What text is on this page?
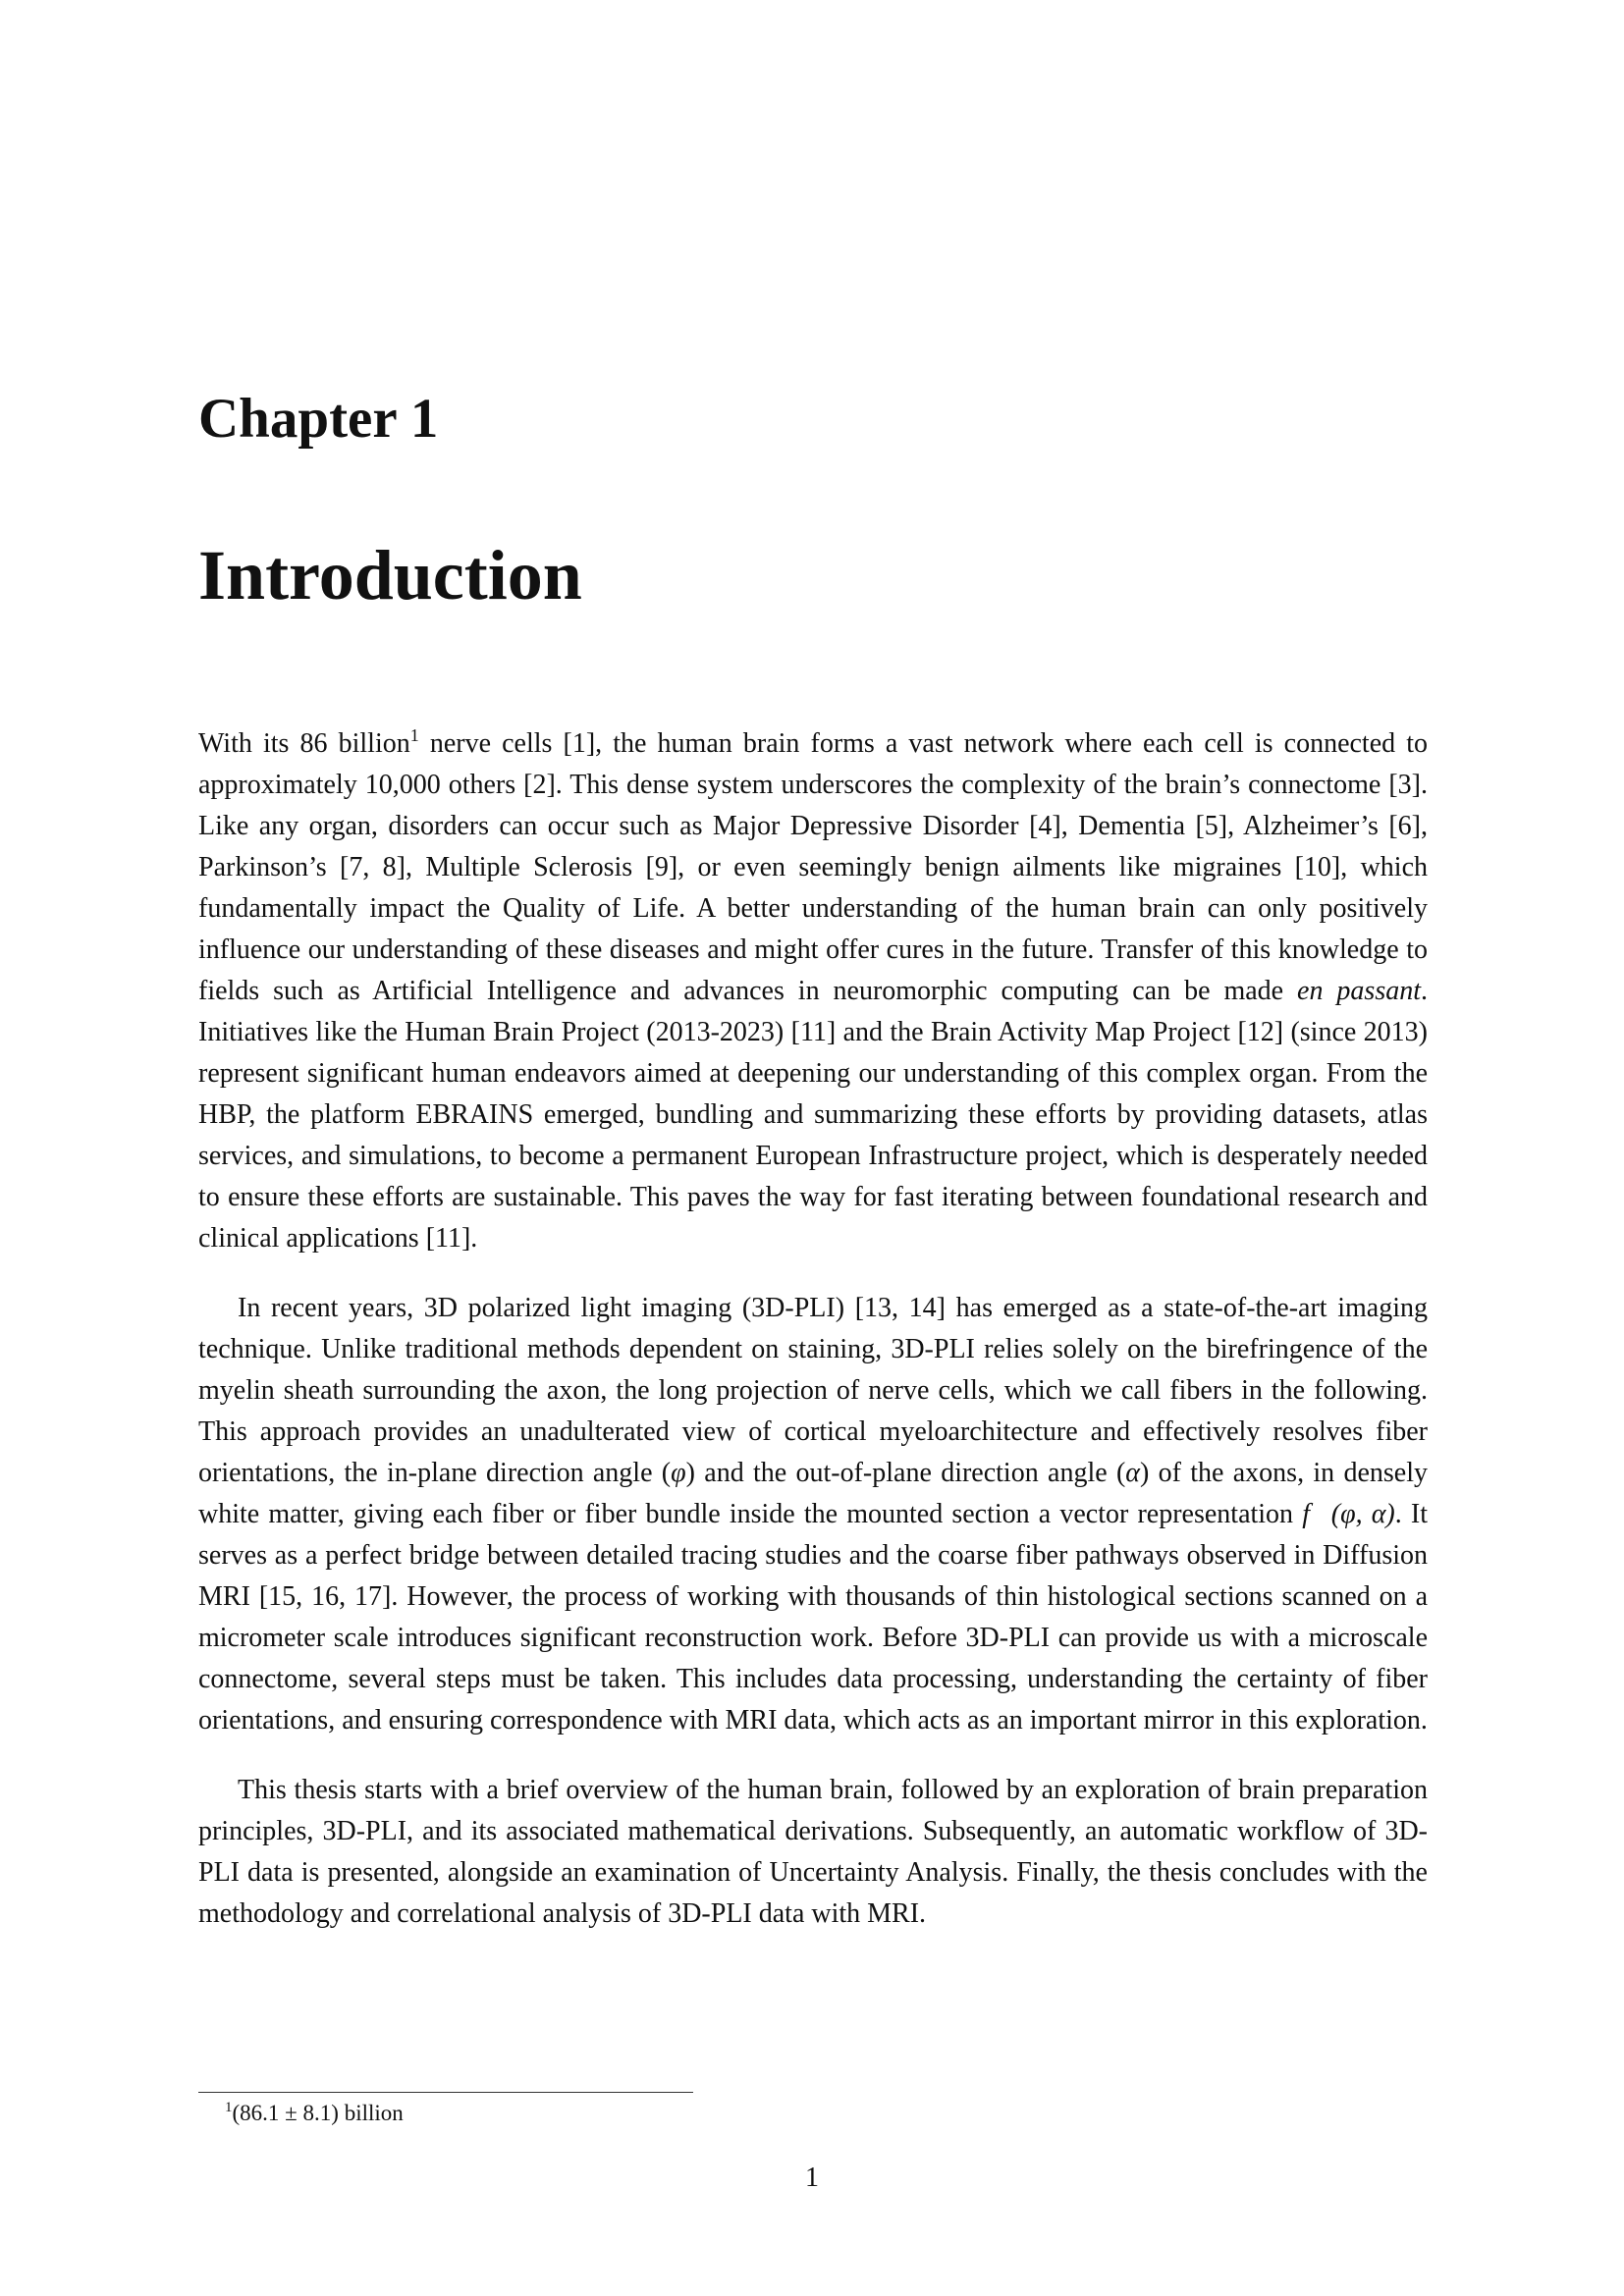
Chapter 1
Introduction

With its 86 billion$^1$ nerve cells [1], the human brain forms a vast network where each cell is connected to approximately 10,000 others [2]. This dense system underscores the complexity of the brain’s connectome [3]. Like any organ, disorders can occur such as Major Depressive Disorder [4], Dementia [5], Alzheimer’s [6], Parkinson’s [7, 8], Multiple Sclerosis [9], or even seemingly benign ailments like migraines [10], which fundamentally impact the Quality of Life. A better understanding of the human brain can only positively influence our understanding of these diseases and might offer cures in the future. Transfer of this knowledge to fields such as Artificial Intelligence and advances in neuromorphic computing can be made en passant. Initiatives like the Human Brain Project (2013-2023) [11] and the Brain Activity Map Project [12] (since 2013) represent significant human endeavors aimed at deepening our understanding of this complex organ. From the HBP, the platform EBRAINS emerged, bundling and summarizing these efforts by providing datasets, atlas services, and simulations, to become a permanent European Infrastructure project, which is desperately needed to ensure these efforts are sustainable. This paves the way for fast iterating between foundational research and clinical applications [11].

In recent years, 3D polarized light imaging (3D-PLI) [13, 14] has emerged as a state-of-the-art imaging technique. Unlike traditional methods dependent on staining, 3D-PLI relies solely on the birefringence of the myelin sheath surrounding the axon, the long projection of nerve cells, which we call fibers in the following. This approach provides an unadulterated view of cortical myeloarchitecture and effectively resolves fiber orientations, the in-plane direction angle (φ) and the out-of-plane direction angle (α) of the axons, in densely white matter, giving each fiber or fiber bundle inside the mounted section a vector representation f⃗(φ, α). It serves as a perfect bridge between detailed tracing studies and the coarse fiber pathways observed in Diffusion MRI [15, 16, 17]. However, the process of working with thousands of thin histological sections scanned on a micrometer scale introduces significant reconstruction work. Before 3D-PLI can provide us with a microscale connectome, several steps must be taken. This includes data processing, understanding the certainty of fiber orientations, and ensuring correspondence with MRI data, which acts as an important mirror in this exploration.

This thesis starts with a brief overview of the human brain, followed by an exploration of brain preparation principles, 3D-PLI, and its associated mathematical derivations. Subsequently, an automatic workflow of 3D-PLI data is presented, alongside an examination of Uncertainty Analysis. Finally, the thesis concludes with the methodology and correlational analysis of 3D-PLI data with MRI.

$^1$(86.1 ± 8.1) billion
1
